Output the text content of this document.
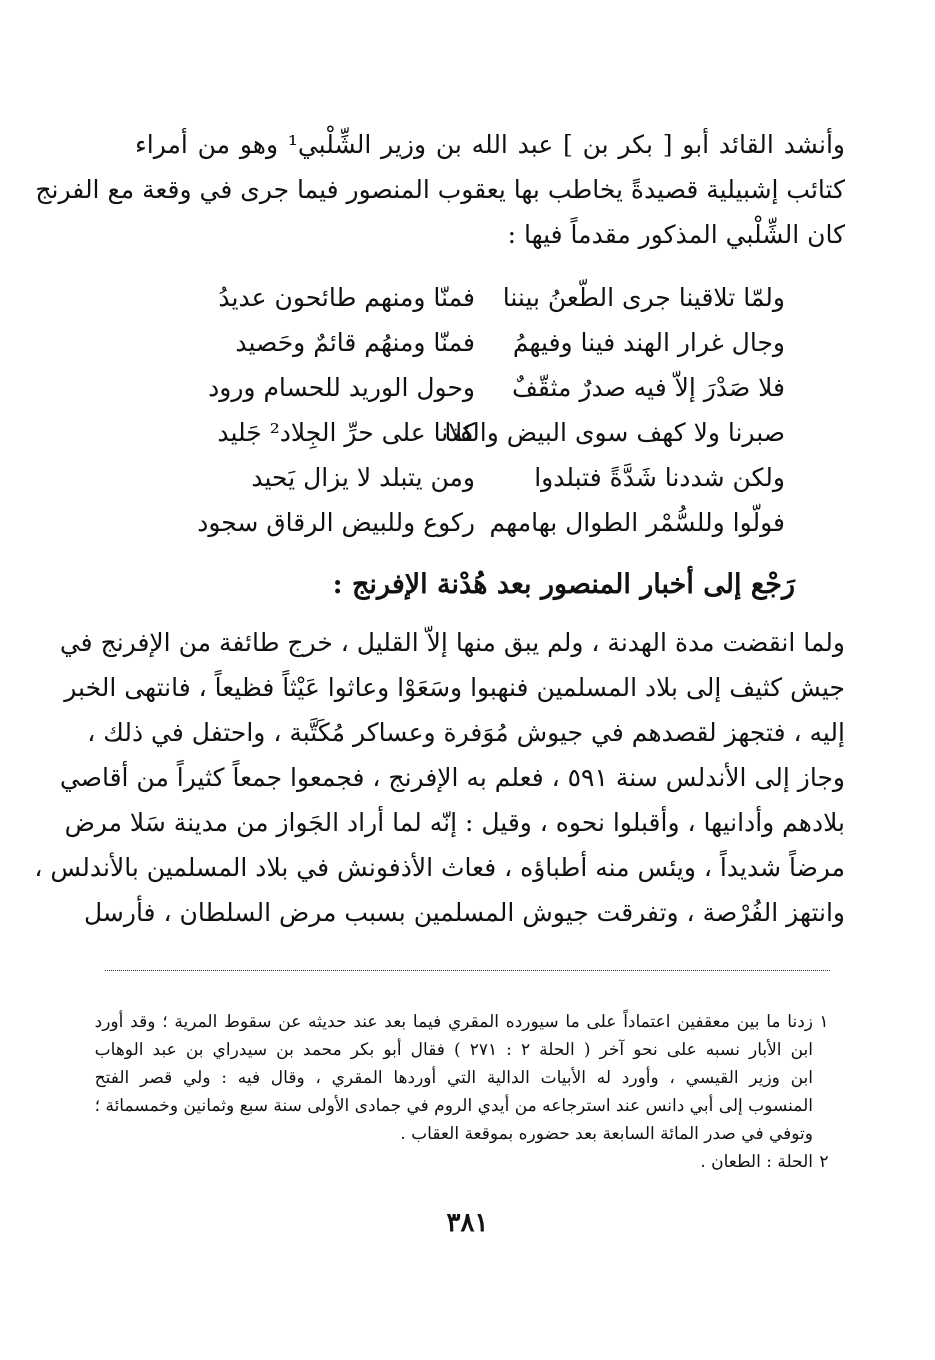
وأنشد القائد أبو [ بكر بن ] عبد الله بن وزير الشِّلْبي¹ وهو من أمراء
كتائب إشبيلية قصيدةً يخاطب بها يعقوب المنصور فيما جرى في وقعة مع الفرنج
كان الشِّلْبي المذكور مقدماً فيها :
ولمّا تلاقينا جرى الطّعنُ بيننا
فمنّا ومنهم طائحون عديدُ
وجال غرار الهند فينا وفيهمُ
فمنّا ومنهُم قائمٌ وحَصيد
فلا صَدْرَ إلاّ فيه صدرٌ مثقّفٌ
وحول الوريد للحسام ورود
صبرنا ولا كهف سوى البيض والقنا
كلانا على حرِّ الجِلاد² جَليد
ولكن شددنا شَدَّةً فتبلدوا
ومن يتبلد لا يزال يَحيد
فولّوا وللسُّمْر الطوال بهامهم
ركوع وللبيض الرقاق سجود
رَجْع إلى أخبار المنصور بعد هُدْنة الإفرنج :
ولما انقضت مدة الهدنة ، ولم يبق منها إلاّ القليل ، خرج طائفة من الإفرنج في
جيش كثيف إلى بلاد المسلمين فنهبوا وسَعَوْا وعاثوا عَيْثاً فظيعاً ، فانتهى الخبر
إليه ، فتجهز لقصدهم في جيوش مُوَفرة وعساكر مُكَتَّبة ، واحتفل في ذلك ،
وجاز إلى الأندلس سنة ٥٩١ ، فعلم به الإفرنج ، فجمعوا جمعاً كثيراً من أقاصي
بلادهم وأدانيها ، وأقبلوا نحوه ، وقيل : إنّه لما أراد الجَواز من مدينة سَلا مرض
مرضاً شديداً ، ويئس منه أطباؤه ، فعاث الأذفونش في بلاد المسلمين بالأندلس ،
وانتهز الفُرْصة ، وتفرقت جيوش المسلمين بسبب مرض السلطان ، فأرسل
١
زدنا ما بين معقفين اعتماداً على ما سيورده المقري فيما بعد عند حديثه عن سقوط المرية ؛ وقد أورد
ابن الأبار نسبه على نحو آخر ( الحلة ٢ : ٢٧١ ) فقال أبو بكر محمد بن سيدراي بن عبد الوهاب
ابن وزير القيسي ، وأورد له الأبيات الدالية التي أوردها المقري ، وقال فيه : ولي قصر الفتح
المنسوب إلى أبي دانس عند استرجاعه من أيدي الروم في جمادى الأولى سنة سبع وثمانين وخمسمائة ؛
وتوفي في صدر المائة السابعة بعد حضوره بموقعة العقاب .
٢
الحلة : الطعان .
٣٨١
